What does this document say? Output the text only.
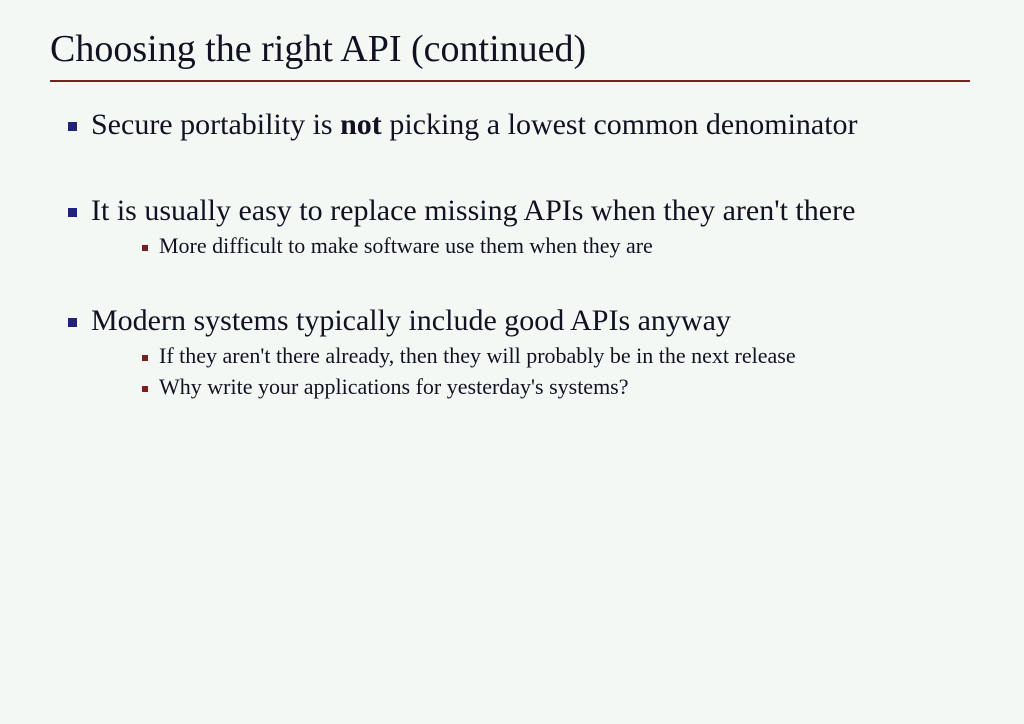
Choosing the right API (continued)
Secure portability is not picking a lowest common denominator
It is usually easy to replace missing APIs when they aren't there
More difficult to make software use them when they are
Modern systems typically include good APIs anyway
If they aren't there already, then they will probably be in the next release
Why write your applications for yesterday's systems?
